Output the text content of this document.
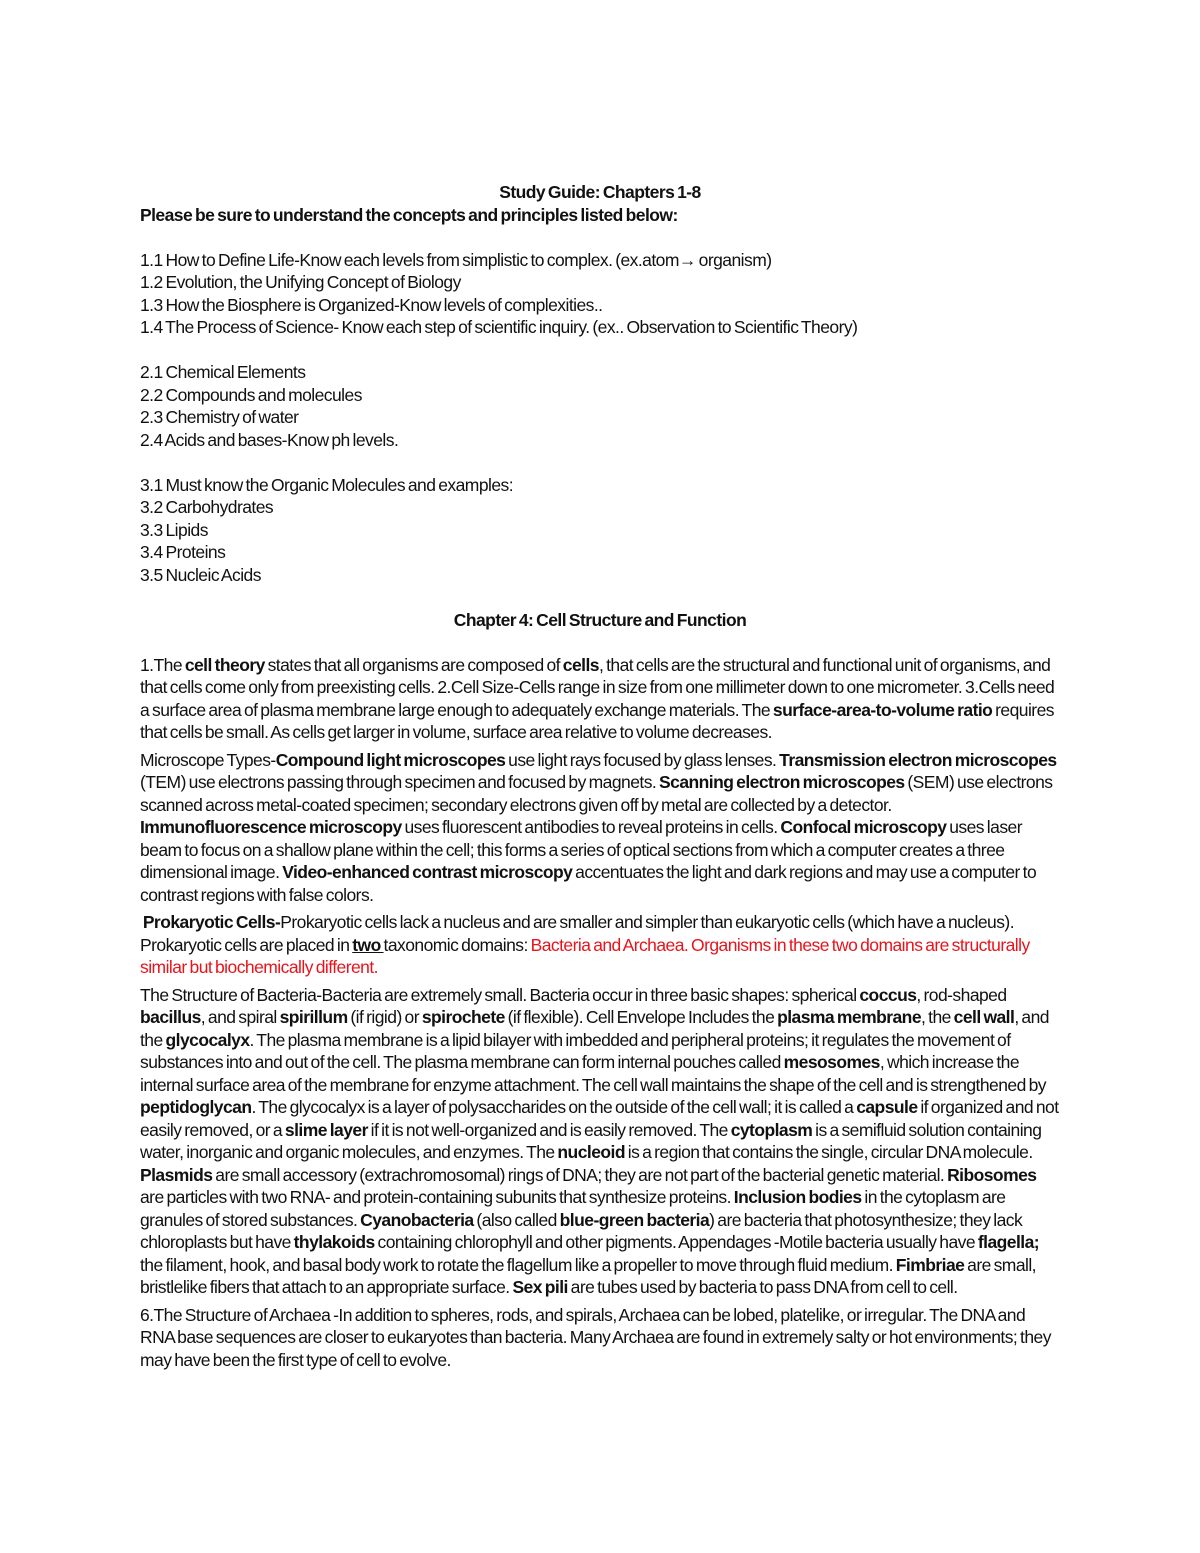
Study Guide: Chapters 1-8
Please be sure to understand the concepts and principles listed below:
1.1 How to Define Life-Know each levels from simplistic to complex. (ex.atom→ organism)
1.2 Evolution, the Unifying Concept of Biology
1.3 How the Biosphere is Organized-Know levels of complexities..
1.4 The Process of Science- Know each step of scientific inquiry. (ex.. Observation to Scientific Theory)
2.1 Chemical Elements
2.2 Compounds and molecules
2.3 Chemistry of water
2.4 Acids and bases-Know ph levels.
3.1 Must know the Organic Molecules and examples:
3.2 Carbohydrates
3.3 Lipids
3.4 Proteins
3.5 Nucleic Acids
Chapter 4: Cell Structure and Function

1.The cell theory states that all organisms are composed of cells, that cells are the structural and functional unit of organisms, and that cells come only from preexisting cells. 2.Cell Size-Cells range in size from one millimeter down to one micrometer. 3.Cells need a surface area of plasma membrane large enough to adequately exchange materials. The surface-area-to-volume ratio requires that cells be small. As cells get larger in volume, surface area relative to volume decreases.

Microscope Types-Compound light microscopes use light rays focused by glass lenses. Transmission electron microscopes (TEM) use electrons passing through specimen and focused by magnets. Scanning electron microscopes (SEM) use electrons scanned across metal-coated specimen; secondary electrons given off by metal are collected by a detector. Immunofluorescence microscopy uses fluorescent antibodies to reveal proteins in cells. Confocal microscopy uses laser beam to focus on a shallow plane within the cell; this forms a series of optical sections from which a computer creates a three dimensional image. Video-enhanced contrast microscopy accentuates the light and dark regions and may use a computer to contrast regions with false colors.

Prokaryotic Cells-Prokaryotic cells lack a nucleus and are smaller and simpler than eukaryotic cells (which have a nucleus). Prokaryotic cells are placed in two taxonomic domains: Bacteria and Archaea. Organisms in these two domains are structurally similar but biochemically different.

The Structure of Bacteria-Bacteria are extremely small. Bacteria occur in three basic shapes: spherical coccus, rod-shaped bacillus, and spiral spirillum (if rigid) or spirochete (if flexible). Cell Envelope Includes the plasma membrane, the cell wall, and the glycocalyx. The plasma membrane is a lipid bilayer with imbedded and peripheral proteins; it regulates the movement of substances into and out of the cell. The plasma membrane can form internal pouches called mesosomes, which increase the internal surface area of the membrane for enzyme attachment. The cell wall maintains the shape of the cell and is strengthened by peptidoglycan. The glycocalyx is a layer of polysaccharides on the outside of the cell wall; it is called a capsule if organized and not easily removed, or a slime layer if it is not well-organized and is easily removed. The cytoplasm is a semifluid solution containing water, inorganic and organic molecules, and enzymes. The nucleoid is a region that contains the single, circular DNA molecule. Plasmids are small accessory (extrachromosomal) rings of DNA; they are not part of the bacterial genetic material. Ribosomes are particles with two RNA- and protein-containing subunits that synthesize proteins. Inclusion bodies in the cytoplasm are granules of stored substances. Cyanobacteria (also called blue-green bacteria) are bacteria that photosynthesize; they lack chloroplasts but have thylakoids containing chlorophyll and other pigments. Appendages -Motile bacteria usually have flagella; the filament, hook, and basal body work to rotate the flagellum like a propeller to move through fluid medium. Fimbriae are small, bristlelike fibers that attach to an appropriate surface. Sex pili are tubes used by bacteria to pass DNA from cell to cell.

6.The Structure of Archaea -In addition to spheres, rods, and spirals, Archaea can be lobed, platelike, or irregular. The DNA and RNA base sequences are closer to eukaryotes than bacteria. Many Archaea are found in extremely salty or hot environments; they may have been the first type of cell to evolve.
